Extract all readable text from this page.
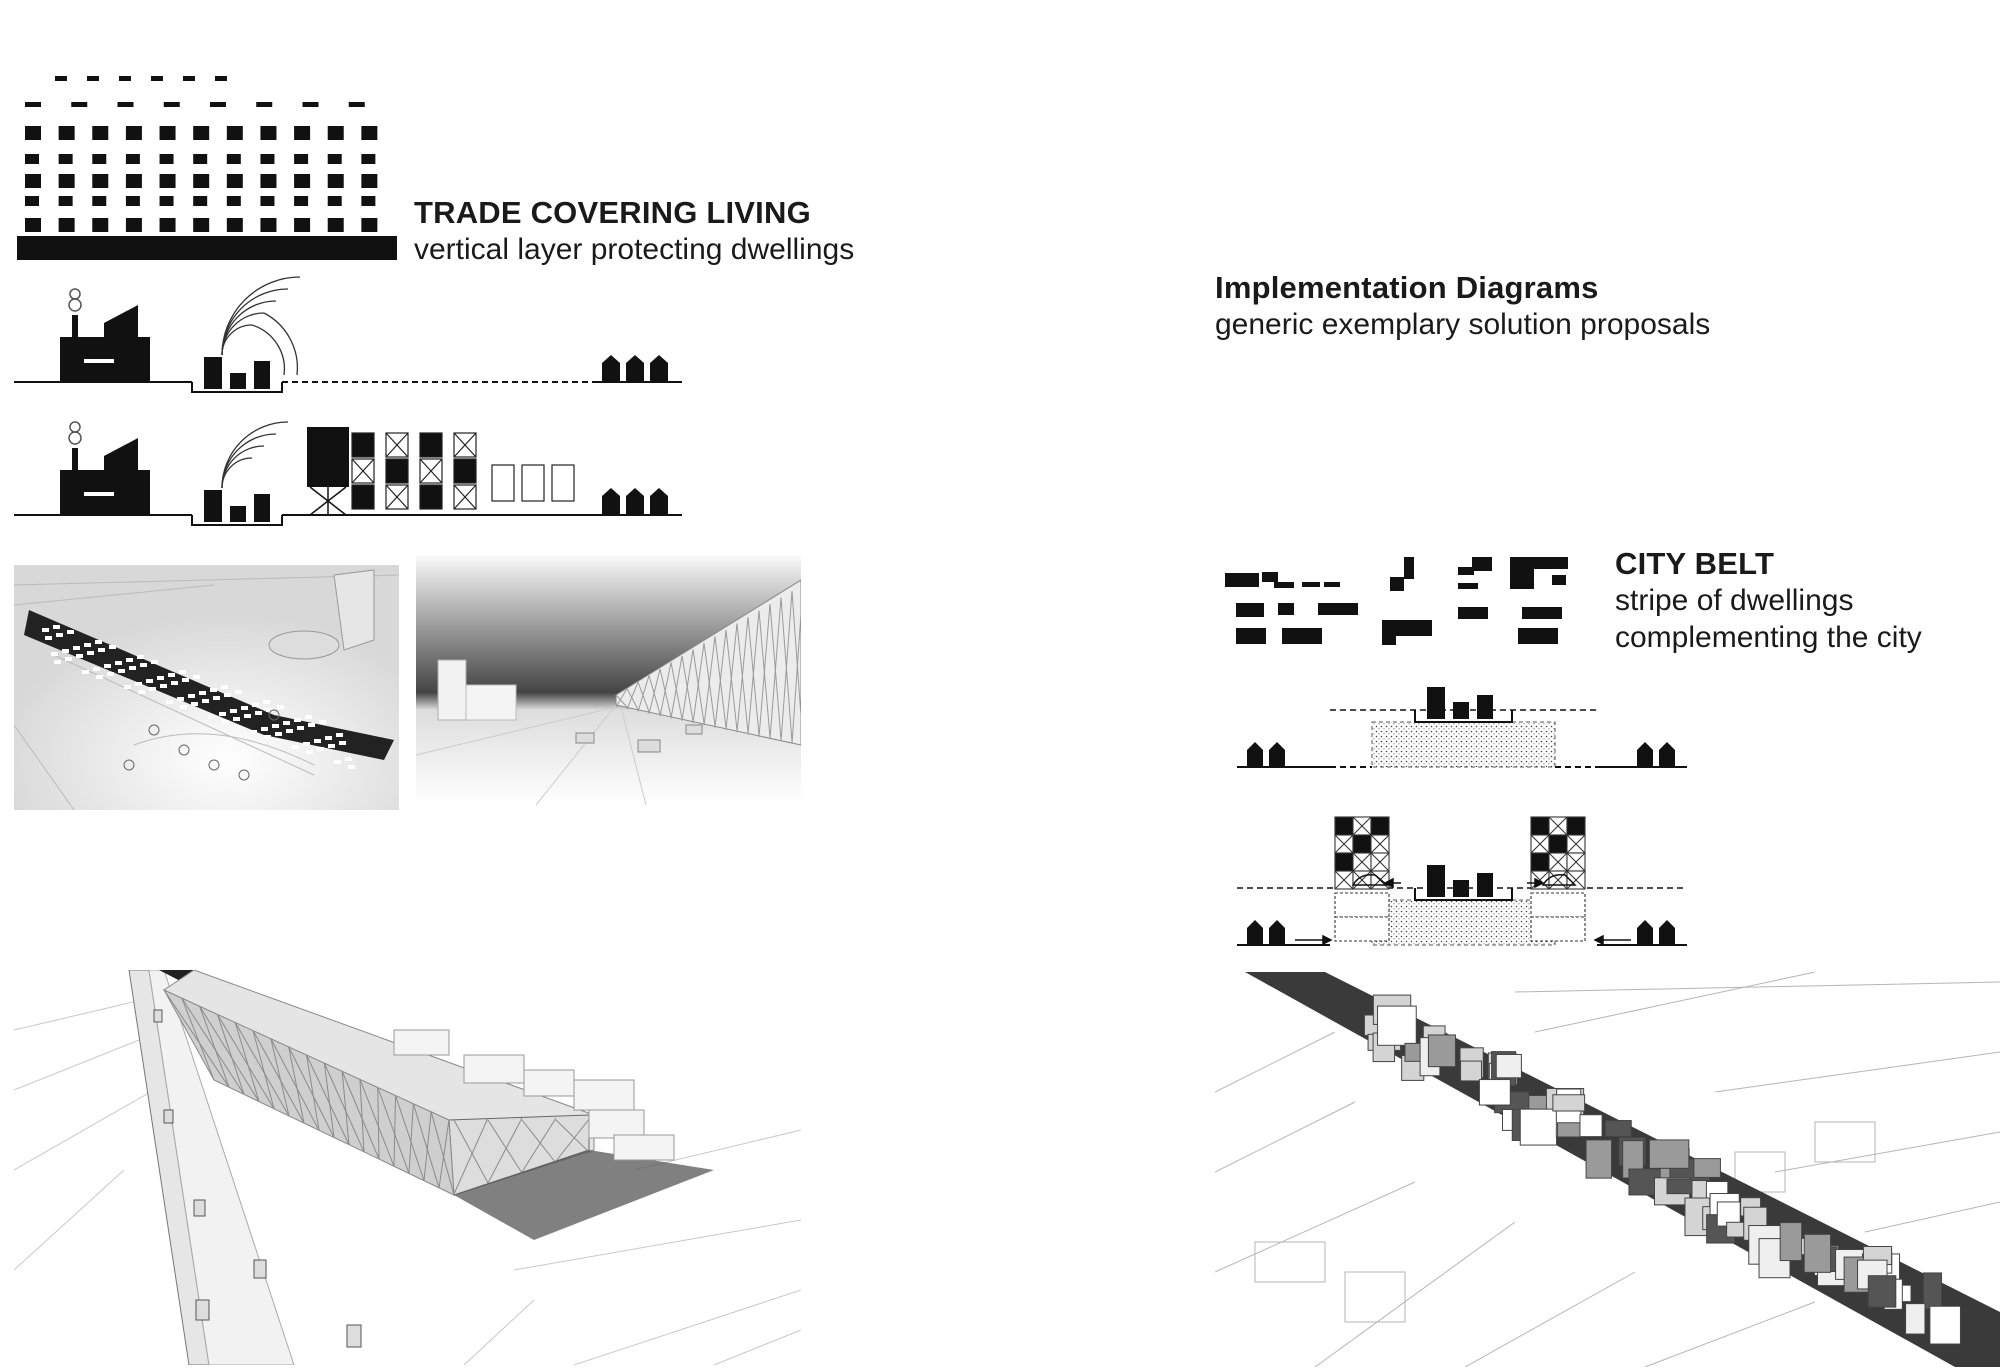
TRADE COVERING LIVING
vertical layer protecting dwellings
Implementation Diagrams
generic exemplary solution proposals
CITY BELT
stripe of dwellings
complementing the city
